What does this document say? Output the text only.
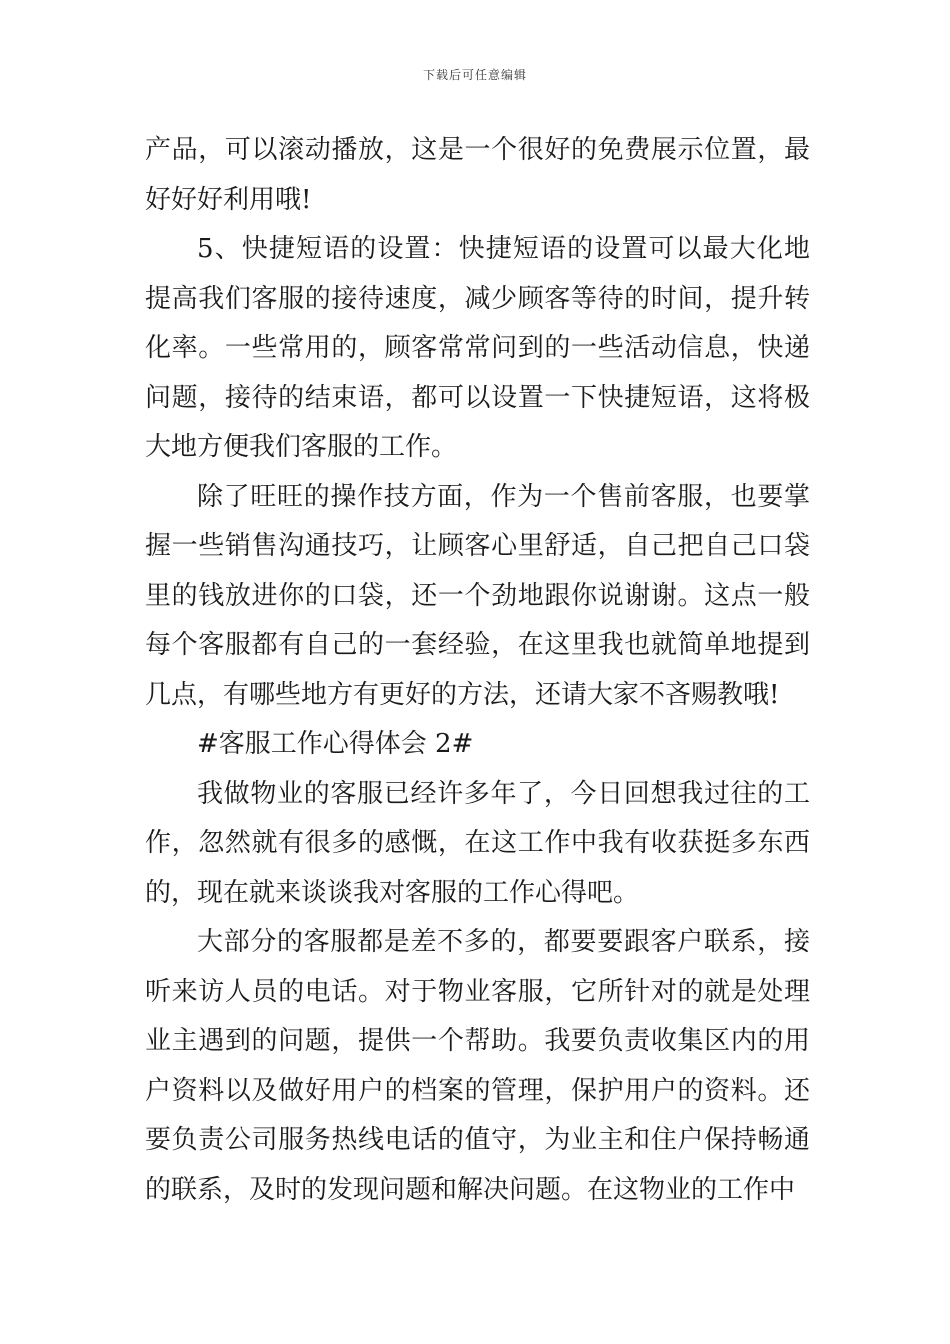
下载后可任意编辑

产品，可以滚动播放，这是一个很好的免费展示位置，最好好好利用哦!

5、快捷短语的设置：快捷短语的设置可以最大化地提高我们客服的接待速度，减少顾客等待的时间，提升转化率。一些常用的，顾客常常问到的一些活动信息，快递问题，接待的结束语，都可以设置一下快捷短语，这将极大地方便我们客服的工作。

除了旺旺的操作技方面，作为一个售前客服，也要掌握一些销售沟通技巧，让顾客心里舒适，自己把自己口袋里的钱放进你的口袋，还一个劲地跟你说谢谢。这点一般每个客服都有自己的一套经验，在这里我也就简单地提到几点，有哪些地方有更好的方法，还请大家不吝赐教哦!

#客服工作心得体会 2#

我做物业的客服已经许多年了，今日回想我过往的工作，忽然就有很多的感慨，在这工作中我有收获挺多东西的，现在就来谈谈我对客服的工作心得吧。

大部分的客服都是差不多的，都要要跟客户联系，接听来访人员的电话。对于物业客服，它所针对的就是处理业主遇到的问题，提供一个帮助。我要负责收集区内的用户资料以及做好用户的档案的管理，保护用户的资料。还要负责公司服务热线电话的值守，为业主和住户保持畅通的联系，及时的发现问题和解决问题。在这物业的工作中
